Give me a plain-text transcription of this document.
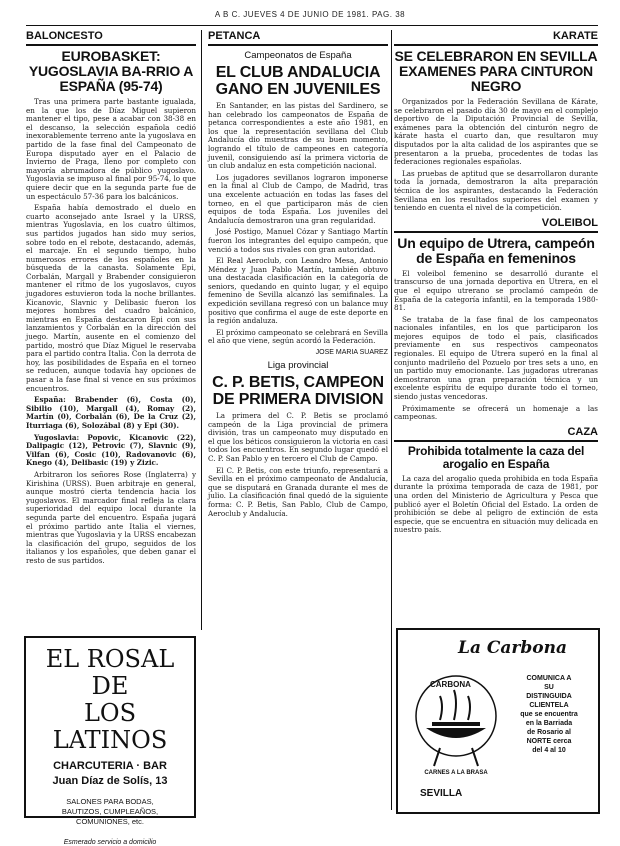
A B C. JUEVES 4 DE JUNIO DE 1981. PAG. 38
BALONCESTO
EUROBASKET: YUGOSLAVIA BA-RRIO A ESPAÑA (95-74)

Tras una primera parte bastante igualada, en la que los de Díaz Miguel supieron mantener el tipo, pese a acabar con 38-38 en el descanso, la selección española cedió inexorablemente terreno ante la yugoslava en partido de la fase final del Campeonato de Europa disputado ayer en el Palacio de Invierno de Praga, lleno por completo con mayoría abrumadora de público yugoslavo. Yugoslavia se impuso al final por 95-74, lo que quiere decir que en la segunda parte fue de un espectáculo 57-36 para los balcánicos.

España había demostrado el duelo en cuarto aconsejado ante Israel y la URSS, mientras Yugoslavia, en los cuatro últimos, sus partidos jugados han sido muy serios, sobre todo en el rebote, destacando, además, el marcaje. En el segundo tiempo, hubo numerosos errores de los españoles en la búsqueda de la canasta. Solamente Epi, Corbalán, Margall y Brabender consiguieron mantener el ritmo de los yugoslavos, cuyos jugadores estuvieron toda la noche brillantes. Kicanovic, Slavnic y Delibasic fueron los mejores hombres del cuadro balcánico, mientras en España destacaron Epi con sus lanzamientos y Corbalán en la dirección del juego. Martín, ausente en el comienzo del partido, mostró que Díaz Miguel le reservaba para el partido contra Italia. Con la derrota de hoy, las posibilidades de España en el torneo se reducen, aunque todavía hay opciones de pasar a la fase final si vence en sus próximos encuentros.

España: Brabender (6), Costa (0), Sibilio (10), Margall (4), Romay (2), Martín (0), Corbalán (6), De la Cruz (2), Iturriaga (6), Solozábal (8) y Epi (30).

Yugoslavia: Popovic, Kicanovic (22), Dalipagic (12), Petrovic (7), Slavnic (9), Vilfan (6), Cosic (10), Radovanovic (6), Knego (4), Delibasic (19) y Zizic.

Arbitraron los señores Rose (Inglaterra) y Kirishina (URSS). Buen arbitraje en general, aunque mostró cierta tendencia hacia los yugoslavos. El marcador final refleja la clara superioridad del equipo local durante la segunda parte del encuentro. España jugará el próximo partido ante Italia el viernes, mientras que Yugoslavia y la URSS encabezan la clasificación del grupo, seguidos de los italianos y los españoles, que deben ganar el resto de sus partidos.

PETANCA
Campeonatos de España
EL CLUB ANDALUCIA GANO EN JUVENILES

En Santander, en las pistas del Sardinero, se han celebrado los campeonatos de España de petanca correspondientes a este año 1981, en los que la representación sevillana del Club Andalucía dio muestras de su buen momento, logrando el título de campeones en categoría juvenil, consiguiendo así la primera victoria de un club andaluz en esta competición nacional.

Los jugadores sevillanos lograron imponerse en la final al Club de Campo, de Madrid, tras una excelente actuación en todas las fases del torneo, en el que participaron más de cien equipos de toda España. Los juveniles del Andalucía demostraron una gran regularidad.

José Postigo, Manuel Cózar y Santiago Martín fueron los integrantes del equipo campeón, que venció a todos sus rivales con gran autoridad.

El Real Aeroclub, con Leandro Mesa, Antonio Méndez y Juan Pablo Martín, también obtuvo una destacada clasificación en la categoría de seniors, quedando en quinto lugar, y el equipo femenino de Sevilla alcanzó las semifinales. La expedición sevillana regresó con un balance muy positivo que confirma el auge de este deporte en la región andaluza.

El próximo campeonato se celebrará en Sevilla el año que viene, según acordó la Federación.

JOSE MARIA SUAREZ
Liga provincial
C. P. BETIS, CAMPEON DE PRIMERA DIVISION

La primera del C. P. Betis se proclamó campeón de la Liga provincial de primera división, tras un campeonato muy disputado en el que los béticos consiguieron la victoria en casi todos los encuentros. En segundo lugar quedó el C. P. San Pablo y en tercero el Club de Campo.

El C. P. Betis, con este triunfo, representará a Sevilla en el próximo campeonato de Andalucía, que se disputará en Granada durante el mes de julio. La clasificación final quedó de la siguiente forma: C. P. Betis, San Pablo, Club de Campo, Aeroclub y Andalucía.

KARATE
SE CELEBRARON EN SEVILLA EXAMENES PARA CINTURON NEGRO

Organizados por la Federación Sevillana de Kárate, se celebraron el pasado día 30 de mayo en el complejo deportivo de la Diputación Provincial de Sevilla, exámenes para la obtención del cinturón negro de kárate hasta el cuarto dan, que resultaron muy disputados por la alta calidad de los aspirantes que se presentaron a la prueba, procedentes de todas las federaciones regionales españolas.

Las pruebas de aptitud que se desarrollaron durante toda la jornada, demostraron la alta preparación técnica de los aspirantes, destacando la Federación Sevillana en los resultados superiores del examen y teniendo en cuenta el nivel de la competición.

VOLEIBOL
Un equipo de Utrera, campeón de España en femeninos

El voleibol femenino se desarrolló durante el transcurso de una jornada deportiva en Utrera, en el que el equipo utrerano se proclamó campeón de España de la categoría infantil, en la temporada 1980-81.

Se trataba de la fase final de los campeonatos nacionales infantiles, en los que participaron los mejores equipos de todo el país, clasificados previamente en sus respectivos campeonatos regionales. El equipo de Utrera superó en la final al conjunto madrileño del Pozuelo por tres sets a uno, en un partido muy emocionante. Las jugadoras utreranas demostraron una gran preparación técnica y un excelente espíritu de equipo durante todo el torneo, siendo justas vencedoras.

Próximamente se ofrecerá un homenaje a las campeonas.

CAZA
Prohibida totalmente la caza del arogalio en España

La caza del arogalio queda prohibida en toda España durante la próxima temporada de caza de 1981, por una orden del Ministerio de Agricultura y Pesca que publicó ayer el Boletín Oficial del Estado. La orden de prohibición se debe al peligro de extinción de esta especie, que se encuentra en situación muy delicada en nuestro país.

EL ROSAL DE
LOS LATINOS
CHARCUTERIA · BAR
Juan Díaz de Solís, 13
SALONES PARA BODAS,
BAUTIZOS, CUMPLEAÑOS,
COMUNIONES, etc.
Esmerado servicio a domicilio
La Carbona
CARBONA
CARNES A LA BRASA
COMUNICA A
SU
DISTINGUIDA
CLIENTELA
que se encuentra
en la Barriada
de Rosario al
NORTE cerca
del 4 al 10
SEVILLA
